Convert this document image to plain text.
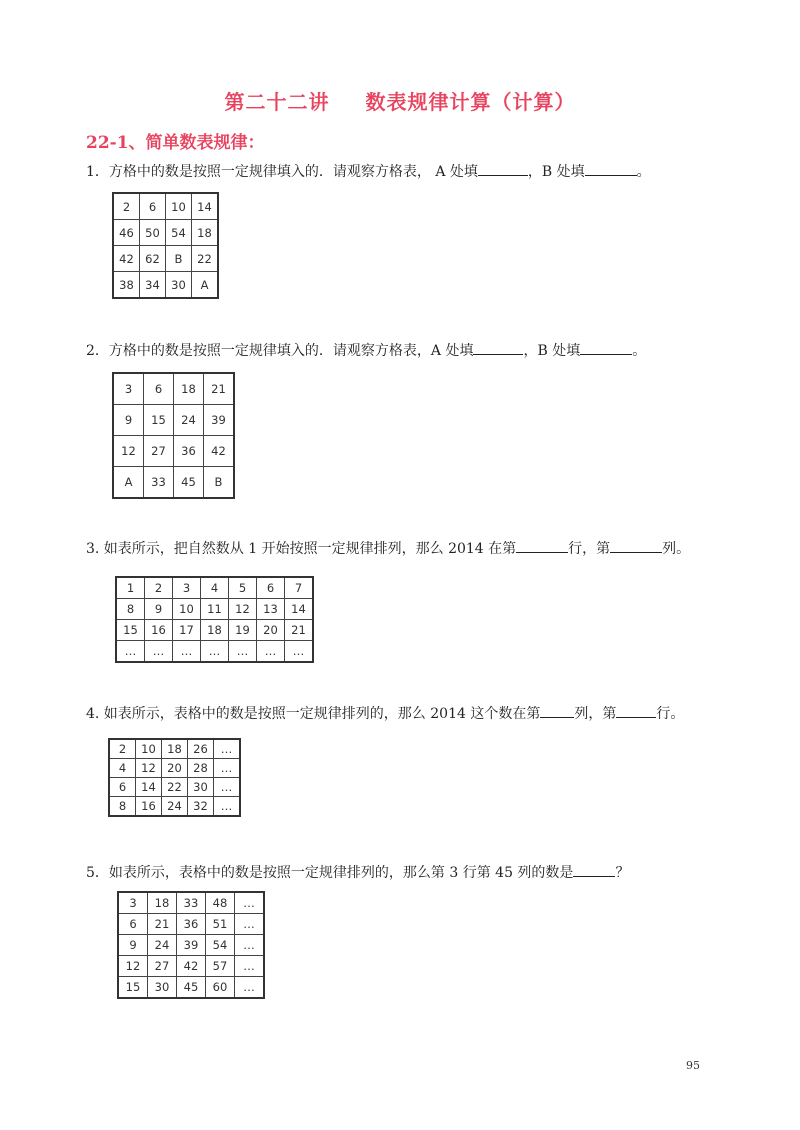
第二十二讲 数表规律计算（计算）
22-1、简单数表规律：
1．方格中的数是按照一定规律填入的．请观察方格表， A 处填	，B 处填	。
2	6	10	14
46	50	54	18
42	62	B	22
38	34	30	A
2．方格中的数是按照一定规律填入的．请观察方格表，A 处填	，B 处填	。
3	6	18	21
9	15	24	39
12	27	36	42
A	33	45	B
3. 如表所示，把自然数从 1 开始按照一定规律排列，那么 2014 在第	行，第	列。
1	2	3	4	5	6	7
8	9	10	11	12	13	14
15	16	17	18	19	20	21
…	…	…	…	…	…	…
4. 如表所示，表格中的数是按照一定规律排列的，那么 2014 这个数在第 列，第	行。
2	10	18	26	…
4	12	20	28	…
6	14	22	30	…
8	16	24	32	…
5．如表所示，表格中的数是按照一定规律排列的，那么第 3 行第 45 列的数是	？
3	18	33	48	…
6	21	36	51	…
9	24	39	54	…
12	27	42	57	…
15	30	45	60	…
95
